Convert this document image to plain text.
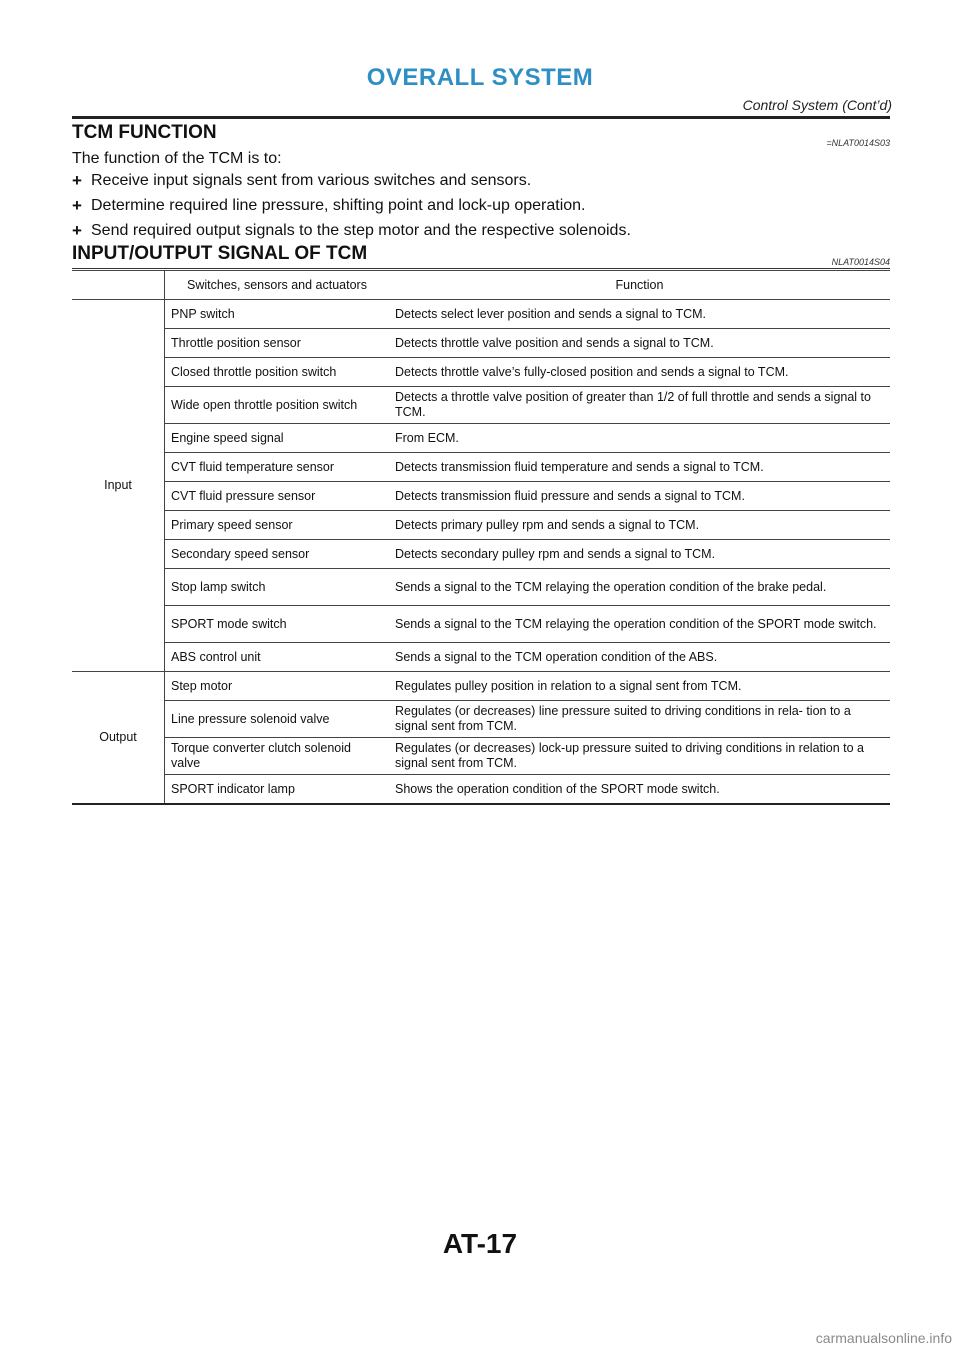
OVERALL SYSTEM
Control System (Cont’d)
TCM FUNCTION	=NLAT0014S03
The function of the TCM is to:
+ Receive input signals sent from various switches and sensors.
+ Determine required line pressure, shifting point and lock-up operation.
+ Send required output signals to the step motor and the respective solenoids.
INPUT/OUTPUT SIGNAL OF TCM	NLAT0014S04
	Switches, sensors and actuators	Function
Input	PNP switch	Detects select lever position and sends a signal to TCM.
	Throttle position sensor	Detects throttle valve position and sends a signal to TCM.
	Closed throttle position switch	Detects throttle valve’s fully-closed position and sends a signal to TCM.
	Wide open throttle position switch	Detects a throttle valve position of greater than 1/2 of full throttle and sends a signal to TCM.
	Engine speed signal	From ECM.
	CVT fluid temperature sensor	Detects transmission fluid temperature and sends a signal to TCM.
	CVT fluid pressure sensor	Detects transmission fluid pressure and sends a signal to TCM.
	Primary speed sensor	Detects primary pulley rpm and sends a signal to TCM.
	Secondary speed sensor	Detects secondary pulley rpm and sends a signal to TCM.
	Stop lamp switch	Sends a signal to the TCM relaying the operation condition of the brake pedal.
	SPORT mode switch	Sends a signal to the TCM relaying the operation condition of the SPORT mode switch.
	ABS control unit	Sends a signal to the TCM operation condition of the ABS.
Output	Step motor	Regulates pulley position in relation to a signal sent from TCM.
	Line pressure solenoid valve	Regulates (or decreases) line pressure suited to driving conditions in rela- tion to a signal sent from TCM.
	Torque converter clutch solenoid valve	Regulates (or decreases) lock-up pressure suited to driving conditions in relation to a signal sent from TCM.
	SPORT indicator lamp	Shows the operation condition of the SPORT mode switch.
AT-17
carmanualsonline.info
